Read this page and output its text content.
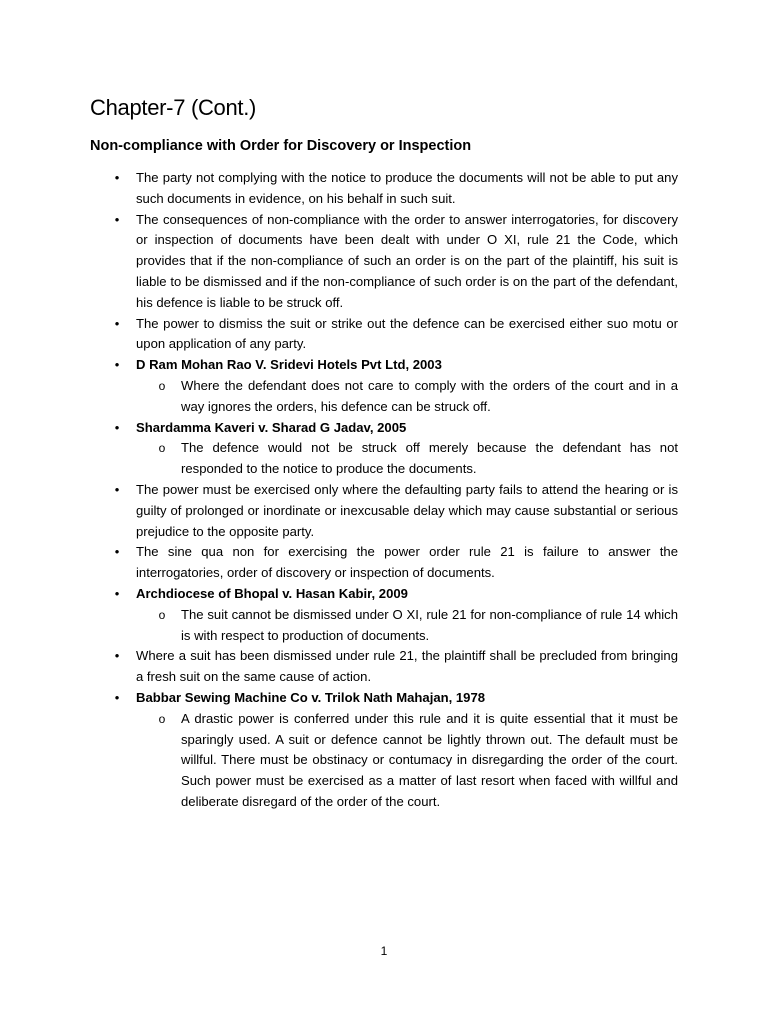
Chapter-7 (Cont.)
Non-compliance with Order for Discovery or Inspection
• The party not complying with the notice to produce the documents will not be able to put any such documents in evidence, on his behalf in such suit.
• The consequences of non-compliance with the order to answer interrogatories, for discovery or inspection of documents have been dealt with under O XI, rule 21 the Code, which provides that if the non-compliance of such an order is on the part of the plaintiff, his suit is liable to be dismissed and if the non-compliance of such order is on the part of the defendant, his defence is liable to be struck off.
• The power to dismiss the suit or strike out the defence can be exercised either suo motu or upon application of any party.
• D Ram Mohan Rao V. Sridevi Hotels Pvt Ltd, 2003
o Where the defendant does not care to comply with the orders of the court and in a way ignores the orders, his defence can be struck off.
• Shardamma Kaveri v. Sharad G Jadav, 2005
o The defence would not be struck off merely because the defendant has not responded to the notice to produce the documents.
• The power must be exercised only where the defaulting party fails to attend the hearing or is guilty of prolonged or inordinate or inexcusable delay which may cause substantial or serious prejudice to the opposite party.
• The sine qua non for exercising the power order rule 21 is failure to answer the interrogatories, order of discovery or inspection of documents.
• Archdiocese of Bhopal v. Hasan Kabir, 2009
o The suit cannot be dismissed under O XI, rule 21 for non-compliance of rule 14 which is with respect to production of documents.
• Where a suit has been dismissed under rule 21, the plaintiff shall be precluded from bringing a fresh suit on the same cause of action.
• Babbar Sewing Machine Co v. Trilok Nath Mahajan, 1978
o A drastic power is conferred under this rule and it is quite essential that it must be sparingly used. A suit or defence cannot be lightly thrown out. The default must be willful. There must be obstinacy or contumacy in disregarding the order of the court. Such power must be exercised as a matter of last resort when faced with willful and deliberate disregard of the order of the court.
1
